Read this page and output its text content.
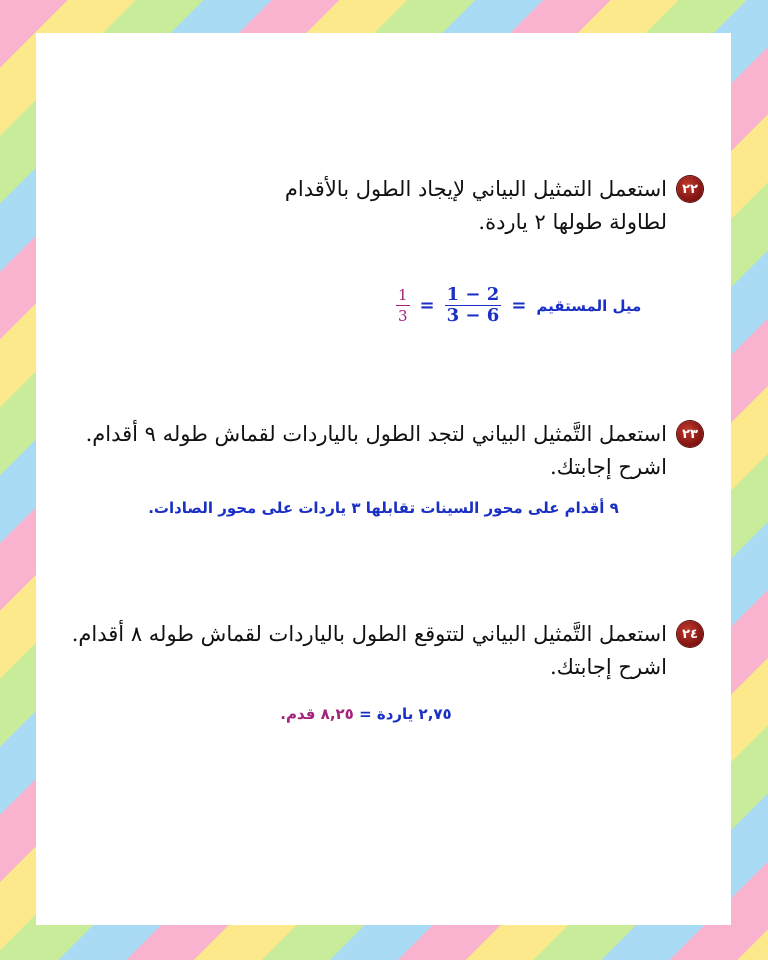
٢٢
استعمل التمثيل البياني لإيجاد الطول بالأقدام
لطاولة طولها ٢ ياردة.
$\frac{1}{3} = \frac{1 - 2}{3 - 6}$ = ميل المستقيم
٢٣
استعمل التَّمثيل البياني لتجد الطول بالياردات لقماش طوله ٩ أقدام. اشرح إجابتك.
٩ أقدام على محور السينات تقابلها ٣ ياردات على محور الصادات.
٢٤
استعمل التَّمثيل البياني لتتوقع الطول بالياردات لقماش طوله ٨ أقدام. اشرح إجابتك.
٢,٧٥ ياردة = ٨,٢٥ قدم.
